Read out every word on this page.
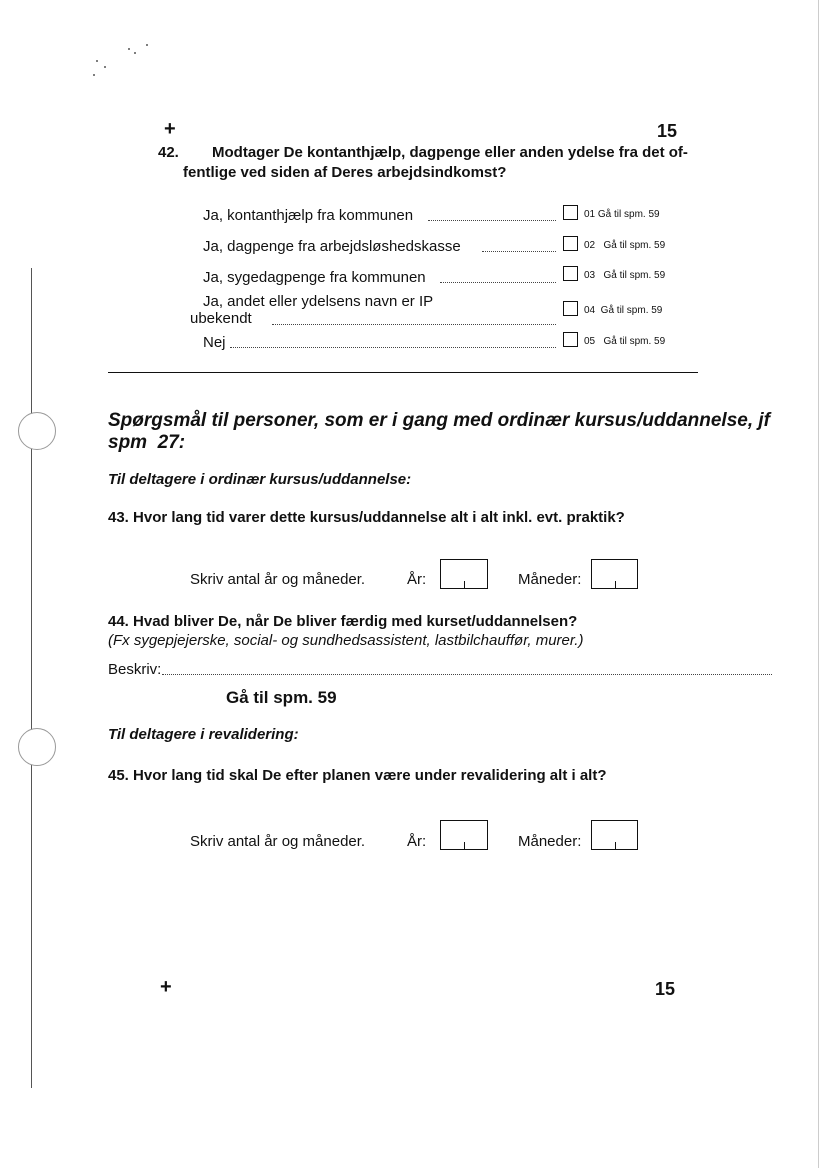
+	15
42. Modtager De kontanthjælp, dagpenge eller anden ydelse fra det of-
fentlige ved siden af Deres arbejdsindkomst?
Ja, kontanthjælp fra kommunen	01 Gå til spm. 59
Ja, dagpenge fra arbejdsløshedskasse	02   Gå til spm. 59
Ja, sygedagpenge fra kommunen	03   Gå til spm. 59
Ja, andet eller ydelsens navn er IP
ubekendt	04  Gå til spm. 59
Nej	05   Gå til spm. 59
Spørgsmål til personer, som er i gang med ordinær kursus/uddannelse, jf
spm  27:
Til deltagere i ordinær kursus/uddannelse:
43. Hvor lang tid varer dette kursus/uddannelse alt i alt inkl. evt. praktik?
Skriv antal år og måneder.	År:	Måneder:
44. Hvad bliver De, når De bliver færdig med kurset/uddannelsen?
(Fx sygepjejerske, social- og sundhedsassistent, lastbilchauffør, murer.)
Beskriv:
Gå til spm. 59
Til deltagere i revalidering:
45. Hvor lang tid skal De efter planen være under revalidering alt i alt?
Skriv antal år og måneder.	År:	Måneder:
+	15
